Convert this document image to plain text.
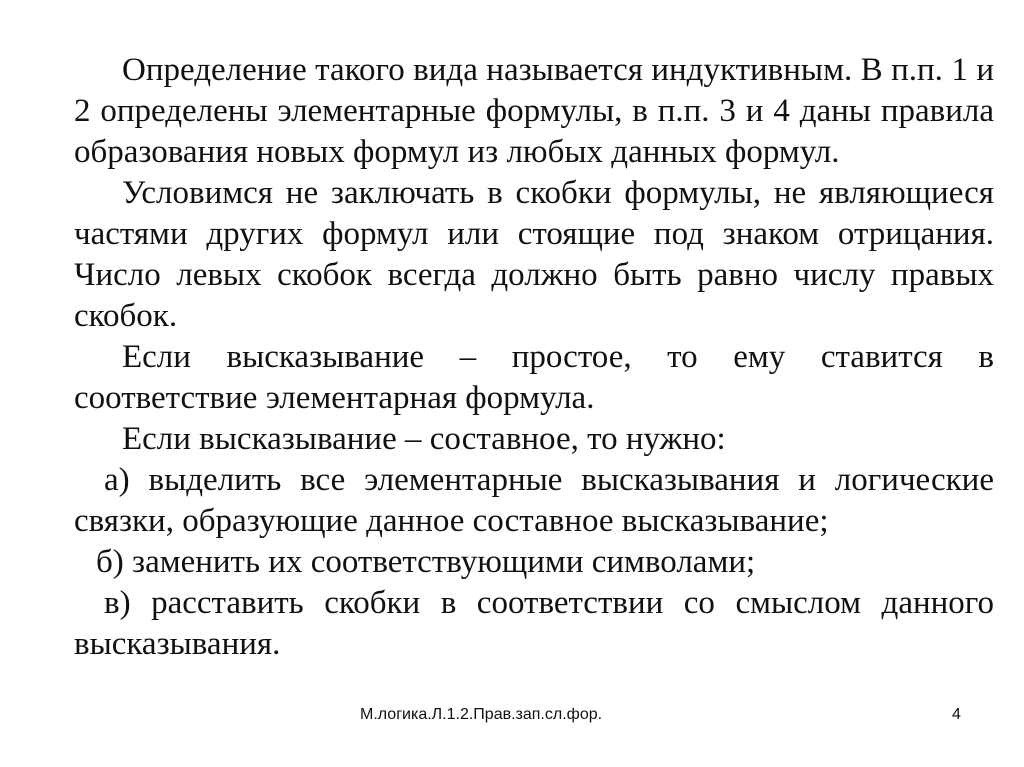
Определение такого вида называется индуктивным. В п.п. 1 и 2 определены элементарные формулы, в п.п. 3 и 4 даны правила образования новых формул из любых данных формул.

Условимся не заключать в скобки формулы, не являющиеся частями других формул или стоящие под знаком отрицания. Число левых скобок всегда должно быть равно числу правых скобок.

Если высказывание – простое, то ему ставится в соответствие элементарная формула.

Если высказывание – составное, то нужно:

а) выделить все элементарные высказывания и логические связки, образующие данное составное высказывание;

б) заменить их соответствующими символами;

в) расставить скобки в соответствии со смыслом данного высказывания.

М.логика.Л.1.2.Прав.зап.сл.фор.	4
